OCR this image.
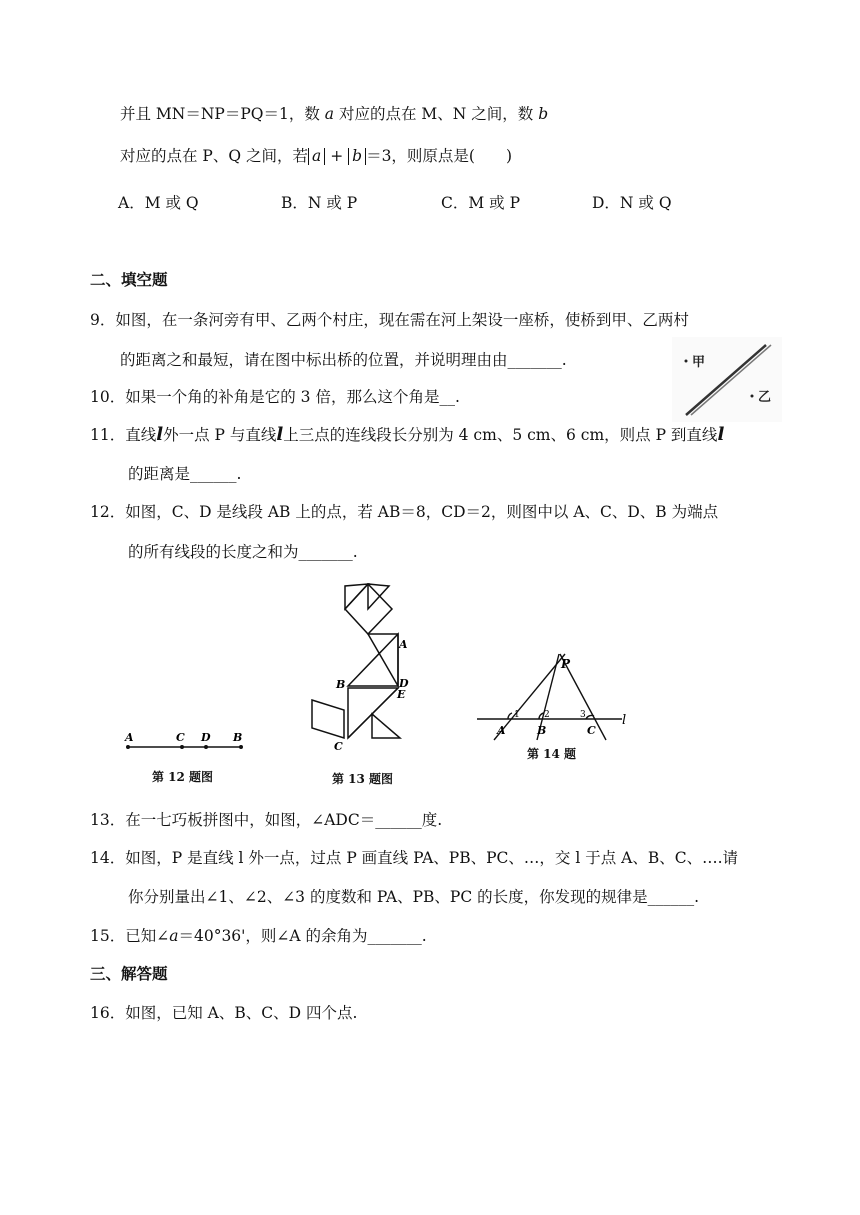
并且 MN＝NP＝PQ＝1，数 a 对应的点在 M、N 之间，数 b
对应的点在 P、Q 之间，若 a + b ＝3，则原点是(　　)
A．M 或 Q	B．N 或 P	C．M 或 P	D．N 或 Q
二、填空题
9．如图，在一条河旁有甲、乙两个村庄，现在需在河上架设一座桥，使桥到甲、乙两村
的距离之和最短，请在图中标出桥的位置，并说明理由由_______.	甲
乙
10．如果一个角的补角是它的 3 倍，那么这个角是__.
11．直线l外一点 P 与直线l上三点的连线段长分别为 4 cm、5 cm、6 cm，则点 P 到直线l
的距离是______.
12．如图，C、D 是线段 AB 上的点，若 AB＝8，CD＝2，则图中以 A、C、D、B 为端点
的所有线段的长度之和为_______.
A	C D B
第 12 题图
A
B	D
E
C
第 13 题图
P
A	B	C
l
1	2	3
第 14 题
13．在一七巧板拼图中，如图，∠ADC＝______度.
14．如图，P 是直线 l 外一点，过点 P 画直线 PA、PB、PC、…，交 l 于点 A、B、C、….请
你分别量出∠1、∠2、∠3 的度数和 PA、PB、PC 的长度，你发现的规律是______.
15．已知∠a＝40°36'，则∠A 的余角为_______.
三、解答题
16．如图，已知 A、B、C、D 四个点.
